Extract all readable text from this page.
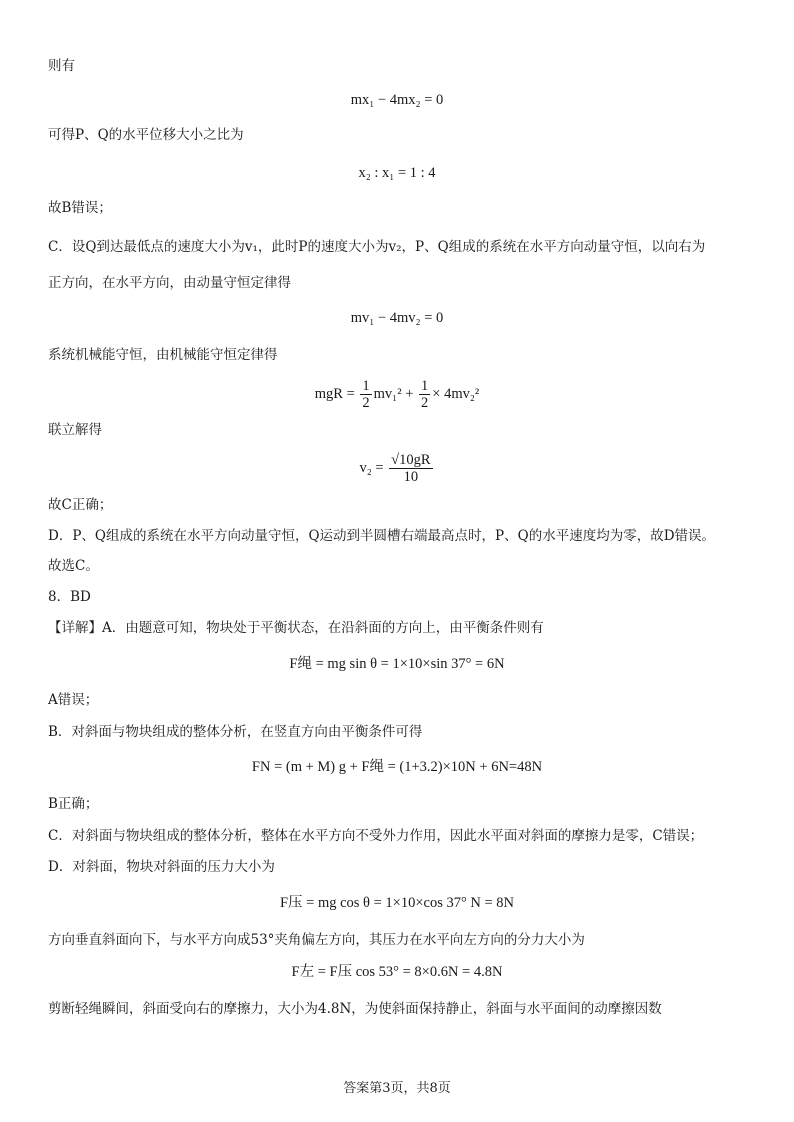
则有
mx₁ − 4mx₂ = 0
可得P、Q的水平位移大小之比为
x₂ : x₁ = 1 : 4
故B错误；
C．设Q到达最低点的速度大小为v₁，此时P的速度大小为v₂，P、Q组成的系统在水平方向动量守恒，以向右为
正方向，在水平方向，由动量守恒定律得
mv₁ − 4mv₂ = 0
系统机械能守恒，由机械能守恒定律得
mgR = $\frac{1}{2} mv_1^2 + \frac{1}{2} \times 4mv_2^2$
联立解得
$v_2 = \frac{√10gR}{10}$
故C正确；
D．P、Q组成的系统在水平方向动量守恒，Q运动到半圆槽右端最高点时，P、Q的水平速度均为零，故D错误。
故选C。
8．BD
【详解】A．由题意可知，物块处于平衡状态，在沿斜面的方向上，由平衡条件则有
F绳 = mg sin θ = 1×10×sin 37° = 6N
A错误；
B．对斜面与物块组成的整体分析，在竖直方向由平衡条件可得
FN = (m + M) g + F绳 = (1+3.2)×10N + 6N=48N
B正确；
C．对斜面与物块组成的整体分析，整体在水平方向不受外力作用，因此水平面对斜面的摩擦力是零，C错误；
D．对斜面，物块对斜面的压力大小为
F压 = mg cos θ = 1×10×cos 37° N = 8N
方向垂直斜面向下，与水平方向成53°夹角偏左方向，其压力在水平向左方向的分力大小为
F左 = F压 cos 53° = 8×0.6N = 4.8N
剪断轻绳瞬间，斜面受向右的摩擦力，大小为4.8N，为使斜面保持静止，斜面与水平面间的动摩擦因数
答案第3页，共8页
